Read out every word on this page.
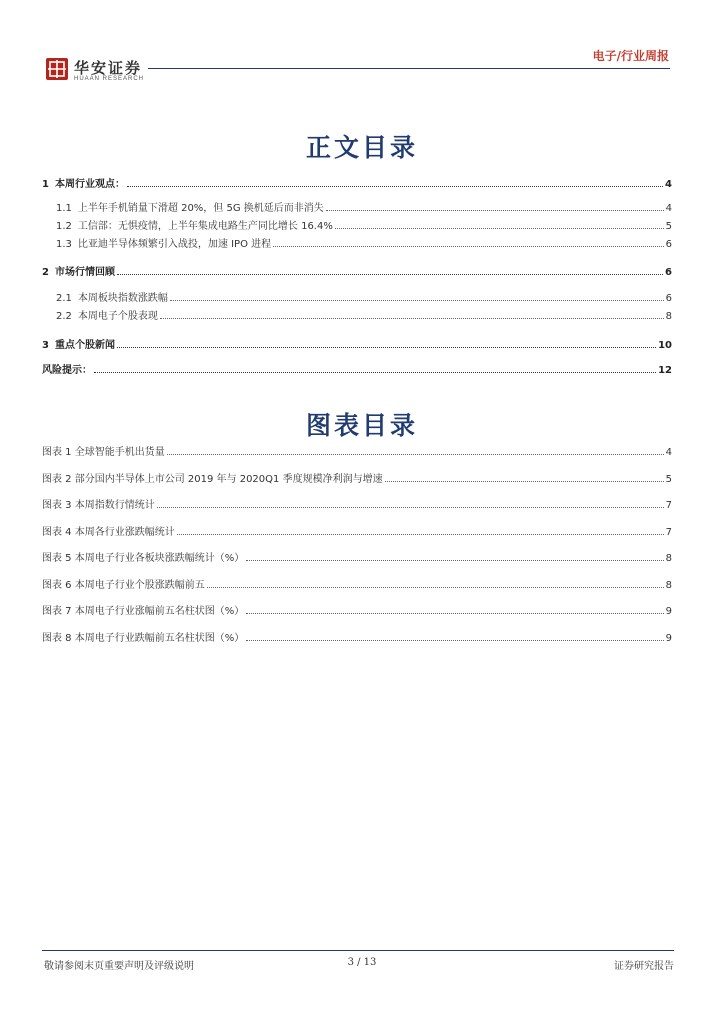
华安证券
HUAAN RESEARCH
电子/行业周报
正文目录
1 本周行业观点：	4
1.1 上半年手机销量下滑超 20%，但 5G 换机延后而非消失	4
1.2 工信部：无惧疫情，上半年集成电路生产同比增长 16.4%	5
1.3 比亚迪半导体频繁引入战投，加速 IPO 进程	6
2 市场行情回顾	6
2.1 本周板块指数涨跌幅	6
2.2 本周电子个股表现	8
3 重点个股新闻	10
风险提示：	12
图表目录
图表 1 全球智能手机出货量	4
图表 2 部分国内半导体上市公司 2019 年与 2020Q1 季度规模净利润与增速	5
图表 3 本周指数行情统计	7
图表 4 本周各行业涨跌幅统计	7
图表 5 本周电子行业各板块涨跌幅统计（%）	8
图表 6 本周电子行业个股涨跌幅前五	8
图表 7 本周电子行业涨幅前五名柱状图（%）	9
图表 8 本周电子行业跌幅前五名柱状图（%）	9
敬请参阅末页重要声明及评级说明	3 / 13	证券研究报告
